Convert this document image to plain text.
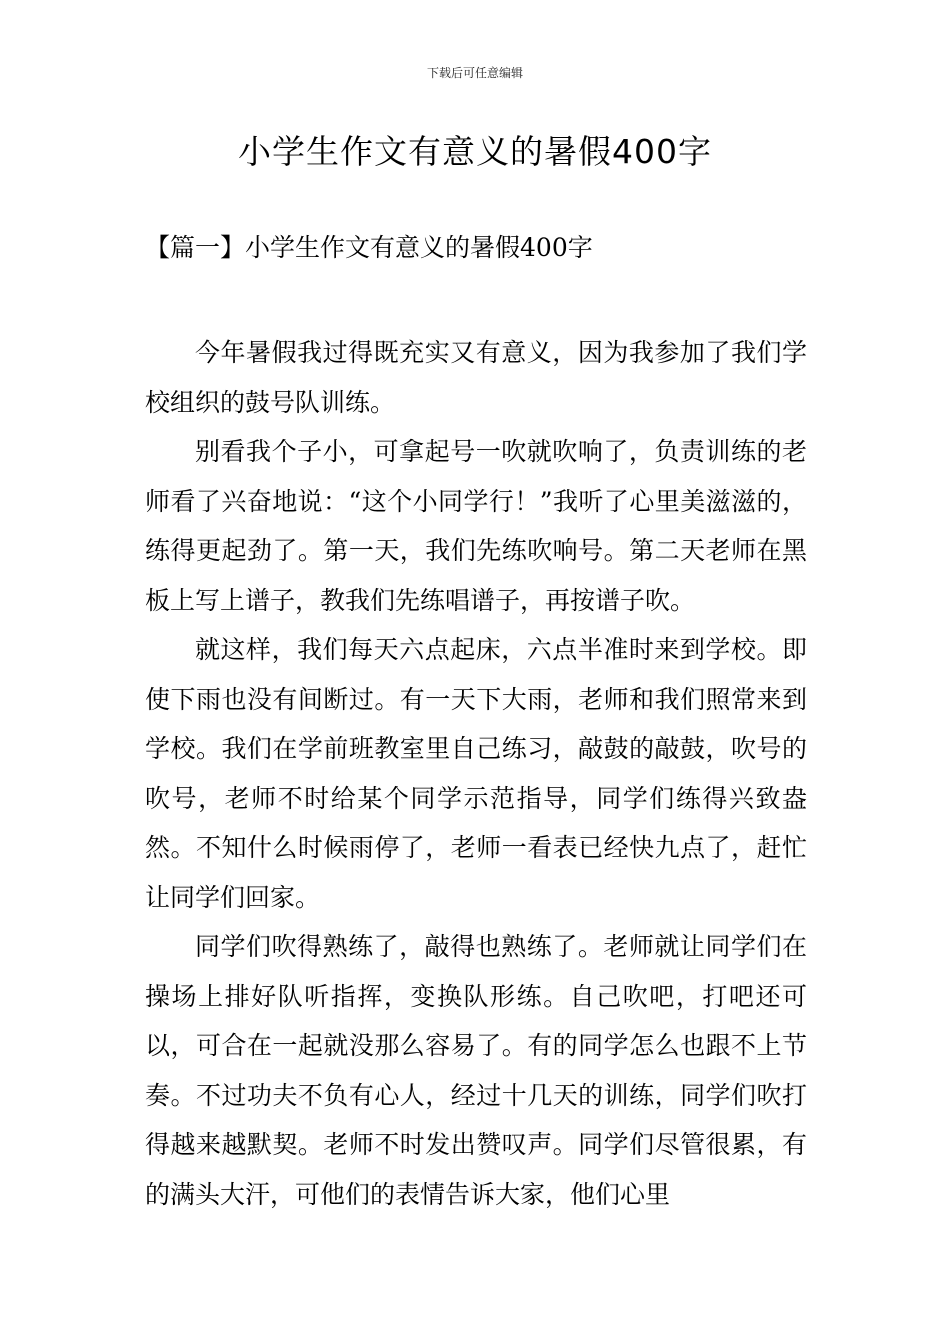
下载后可任意编辑
小学生作文有意义的暑假400字
【篇一】小学生作文有意义的暑假400字

今年暑假我过得既充实又有意义，因为我参加了我们学校组织的鼓号队训练。

别看我个子小，可拿起号一吹就吹响了，负责训练的老师看了兴奋地说：“这个小同学行！”我听了心里美滋滋的，练得更起劲了。第一天，我们先练吹响号。第二天老师在黑板上写上谱子，教我们先练唱谱子，再按谱子吹。

就这样，我们每天六点起床，六点半准时来到学校。即使下雨也没有间断过。有一天下大雨，老师和我们照常来到学校。我们在学前班教室里自己练习，敲鼓的敲鼓，吹号的吹号，老师不时给某个同学示范指导，同学们练得兴致盎然。不知什么时候雨停了，老师一看表已经快九点了，赶忙让同学们回家。

同学们吹得熟练了，敲得也熟练了。老师就让同学们在操场上排好队听指挥，变换队形练。自己吹吧，打吧还可以，可合在一起就没那么容易了。有的同学怎么也跟不上节奏。不过功夫不负有心人，经过十几天的训练，同学们吹打得越来越默契。老师不时发出赞叹声。同学们尽管很累，有的满头大汗，可他们的表情告诉大家，他们心里
